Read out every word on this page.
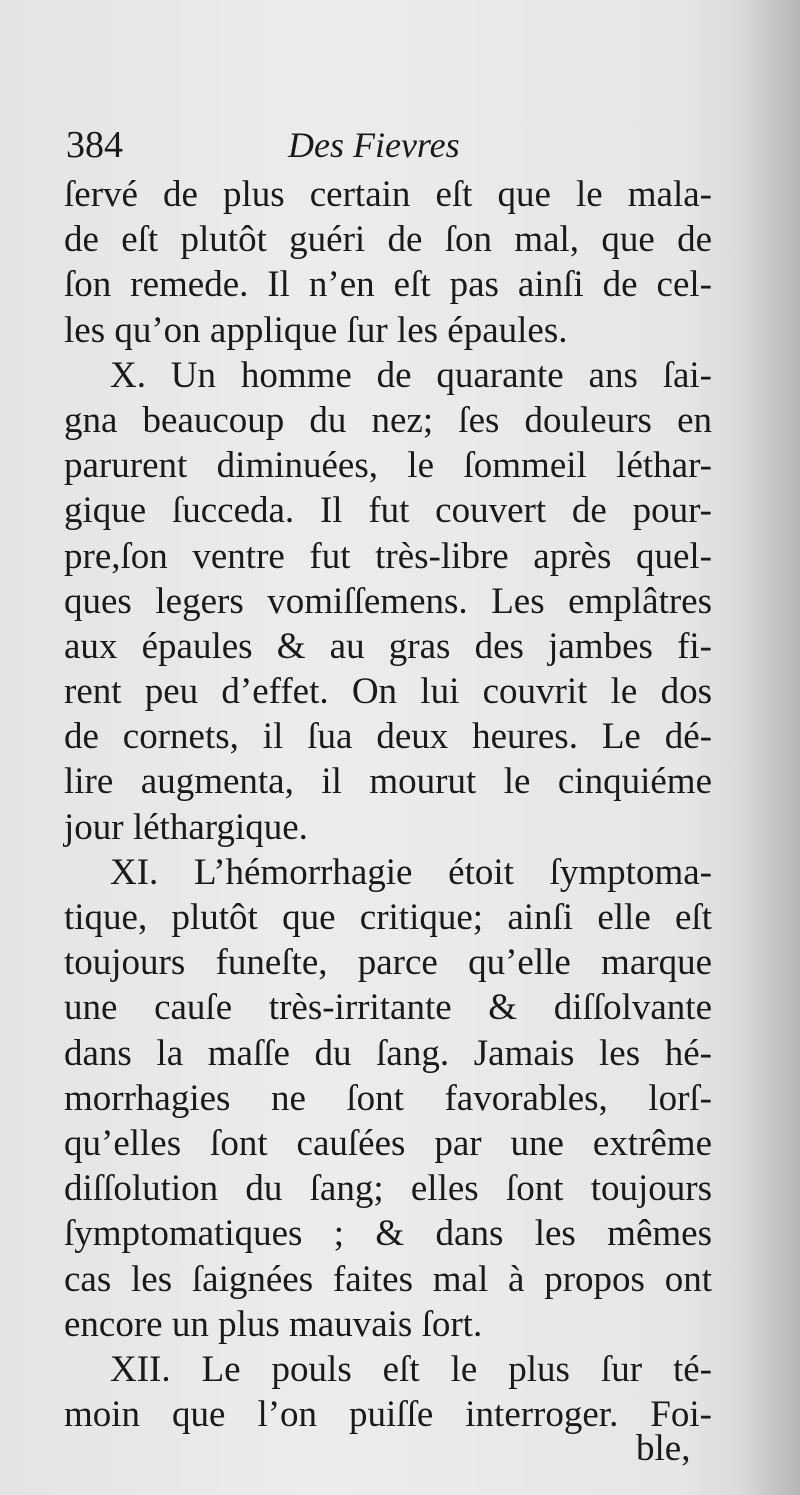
384	Des Fievres
ſervé de plus certain eſt que le mala-
de eſt plutôt guéri de ſon mal, que de
ſon remede. Il n’en eſt pas ainſi de cel-
les qu’on applique ſur les épaules.
X. Un homme de quarante ans ſai-
gna beaucoup du nez; ſes douleurs en
parurent diminuées, le ſommeil léthar-
gique ſucceda. Il fut couvert de pour-
pre,ſon ventre fut très-libre après quel-
ques legers vomiſſemens. Les emplâtres
aux épaules & au gras des jambes fi-
rent peu d’effet. On lui couvrit le dos
de cornets, il ſua deux heures. Le dé-
lire augmenta, il mourut le cinquiéme
jour léthargique.
XI. L’hémorrhagie étoit ſymptoma-
tique, plutôt que critique; ainſi elle eſt
toujours funeſte, parce qu’elle marque
une cauſe très-irritante & diſſolvante
dans la maſſe du ſang. Jamais les hé-
morrhagies ne ſont favorables, lorſ-
qu’elles ſont cauſées par une extrême
diſſolution du ſang; elles ſont toujours
ſymptomatiques ; & dans les mêmes
cas les ſaignées faites mal à propos ont
encore un plus mauvais ſort.
XII. Le pouls eſt le plus ſur té-
moin que l’on puiſſe interroger. Foi-
ble,
